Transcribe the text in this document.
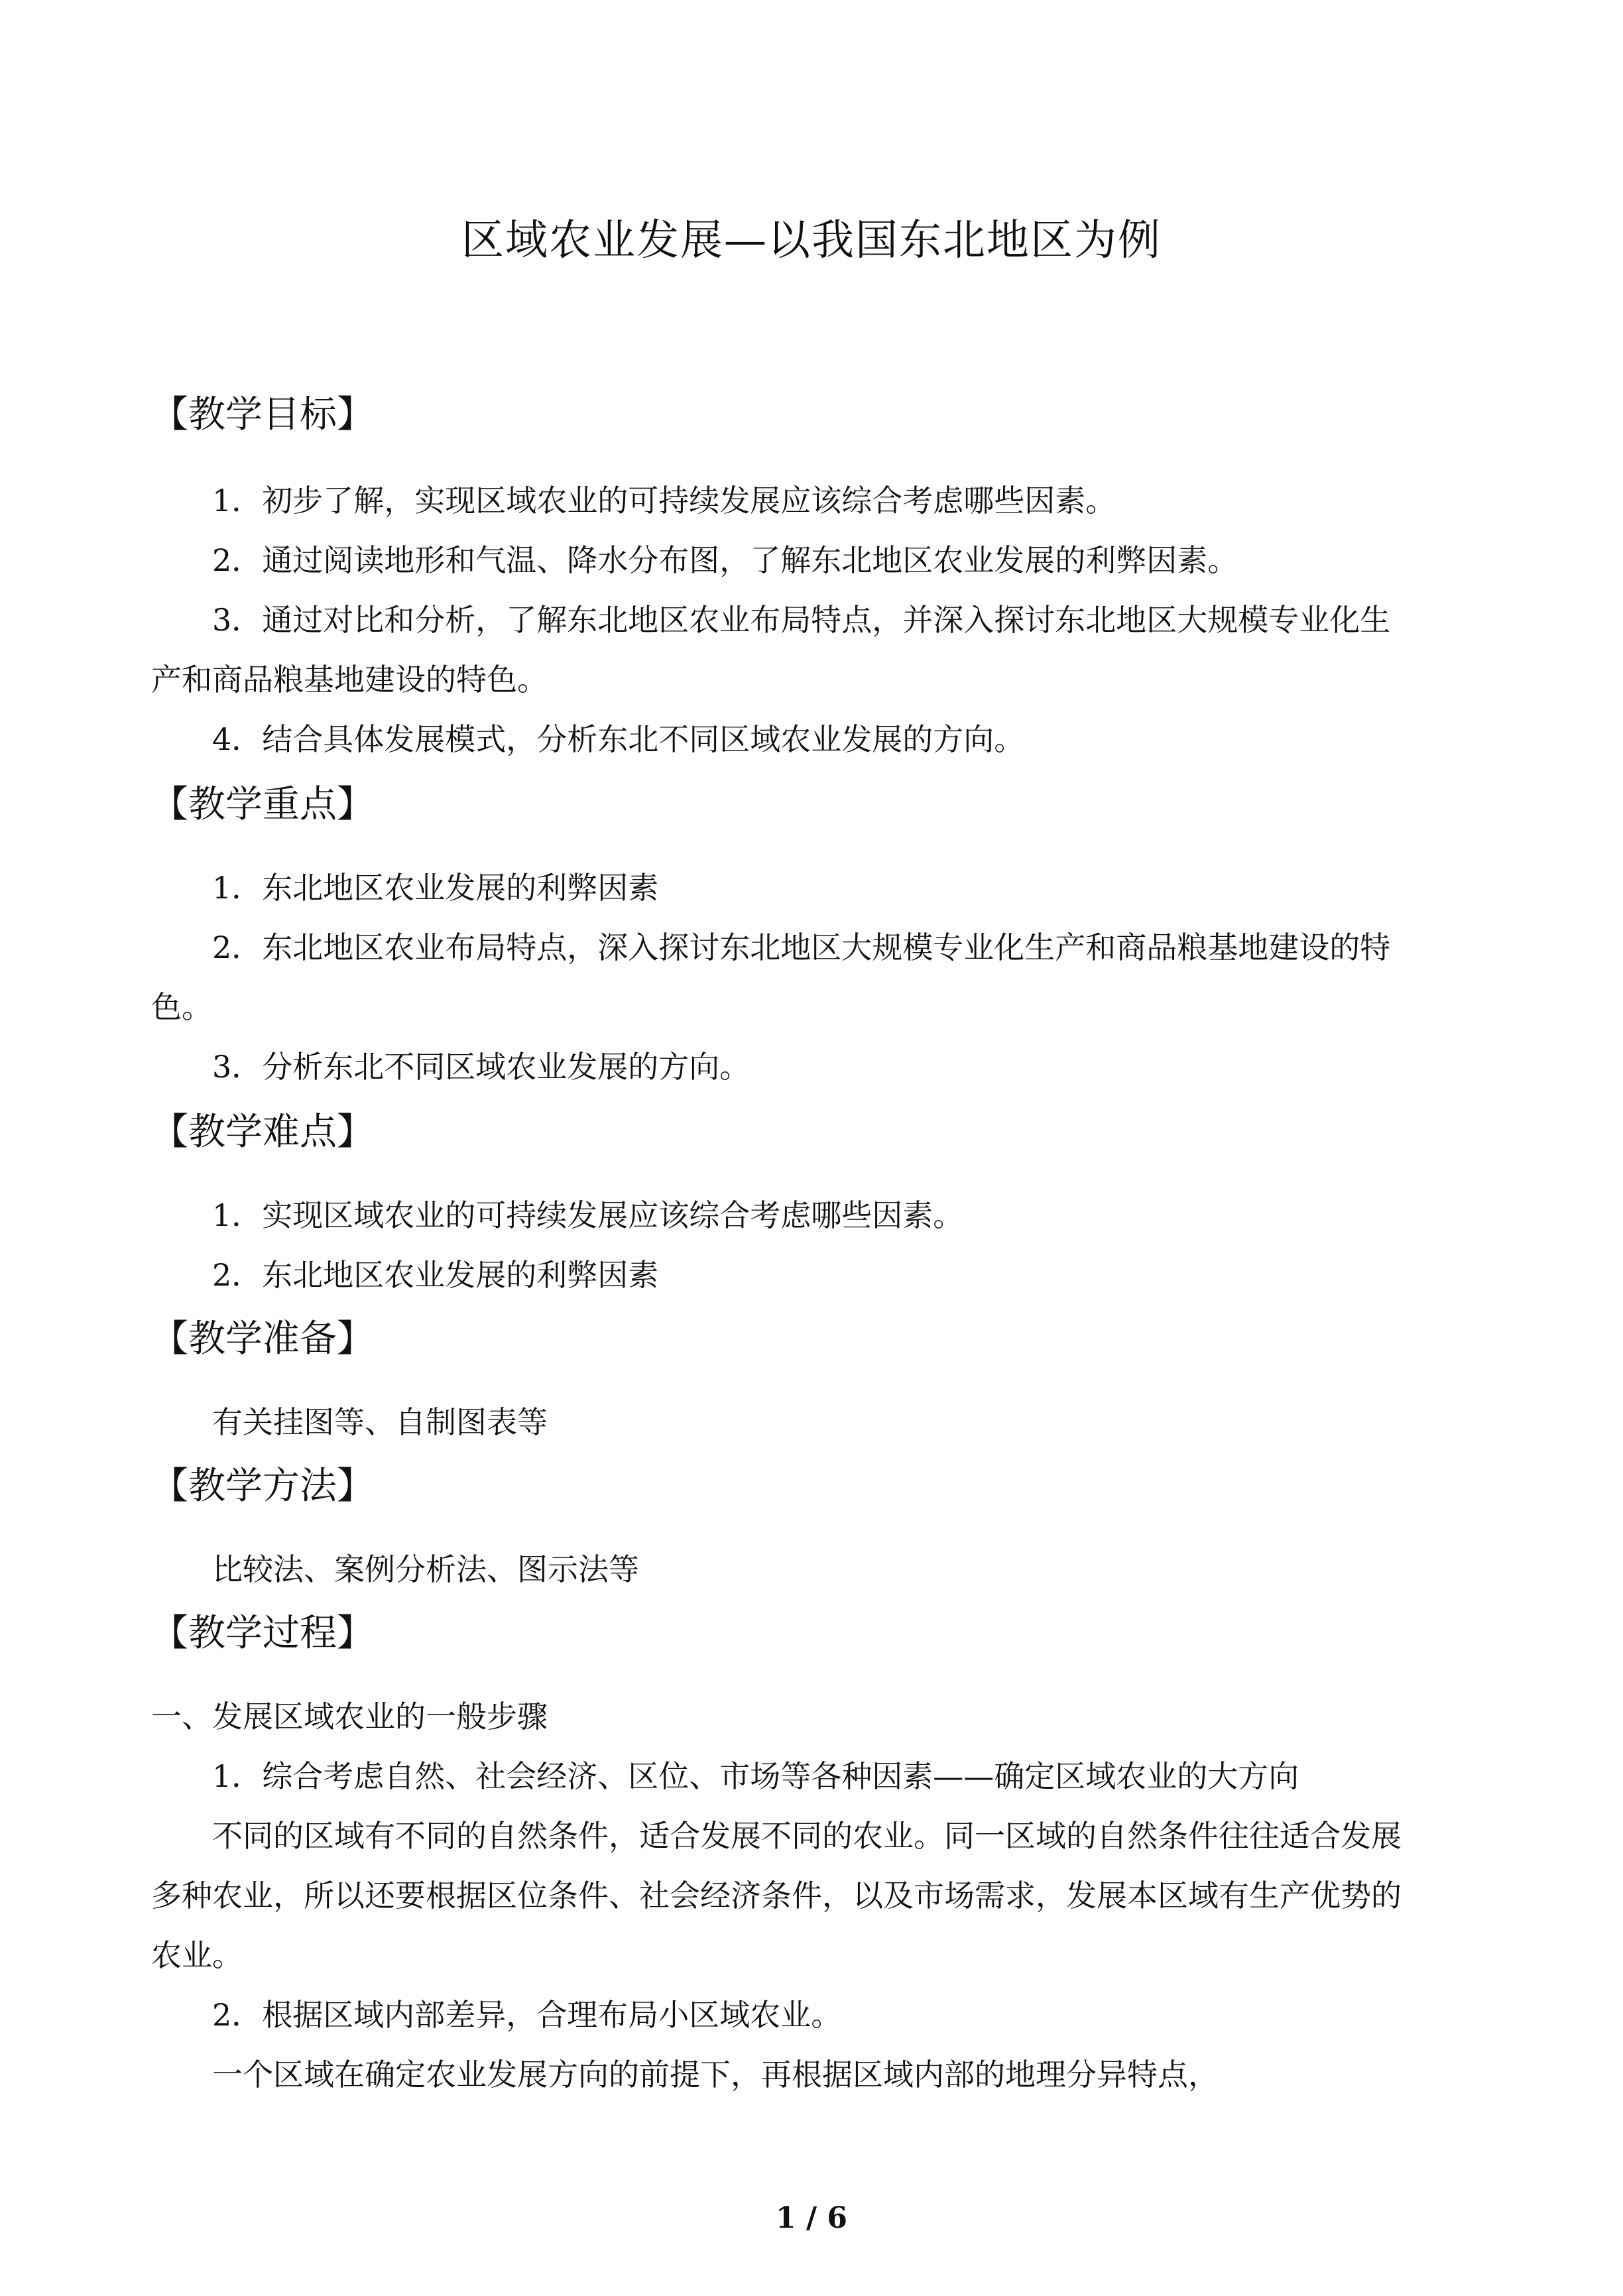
区域农业发展—以我国东北地区为例
【教学目标】
1．初步了解，实现区域农业的可持续发展应该综合考虑哪些因素。
2．通过阅读地形和气温、降水分布图，了解东北地区农业发展的利弊因素。
3．通过对比和分析，了解东北地区农业布局特点，并深入探讨东北地区大规模专业化生
产和商品粮基地建设的特色。
4．结合具体发展模式，分析东北不同区域农业发展的方向。
【教学重点】
1．东北地区农业发展的利弊因素
2．东北地区农业布局特点，深入探讨东北地区大规模专业化生产和商品粮基地建设的特
色。
3．分析东北不同区域农业发展的方向。
【教学难点】
1．实现区域农业的可持续发展应该综合考虑哪些因素。
2．东北地区农业发展的利弊因素
【教学准备】
有关挂图等、自制图表等
【教学方法】
比较法、案例分析法、图示法等
【教学过程】
一、发展区域农业的一般步骤
1．综合考虑自然、社会经济、区位、市场等各种因素——确定区域农业的大方向
不同的区域有不同的自然条件，适合发展不同的农业。同一区域的自然条件往往适合发展
多种农业，所以还要根据区位条件、社会经济条件，以及市场需求，发展本区域有生产优势的
农业。
2．根据区域内部差异，合理布局小区域农业。
一个区域在确定农业发展方向的前提下，再根据区域内部的地理分异特点，
1 / 6
